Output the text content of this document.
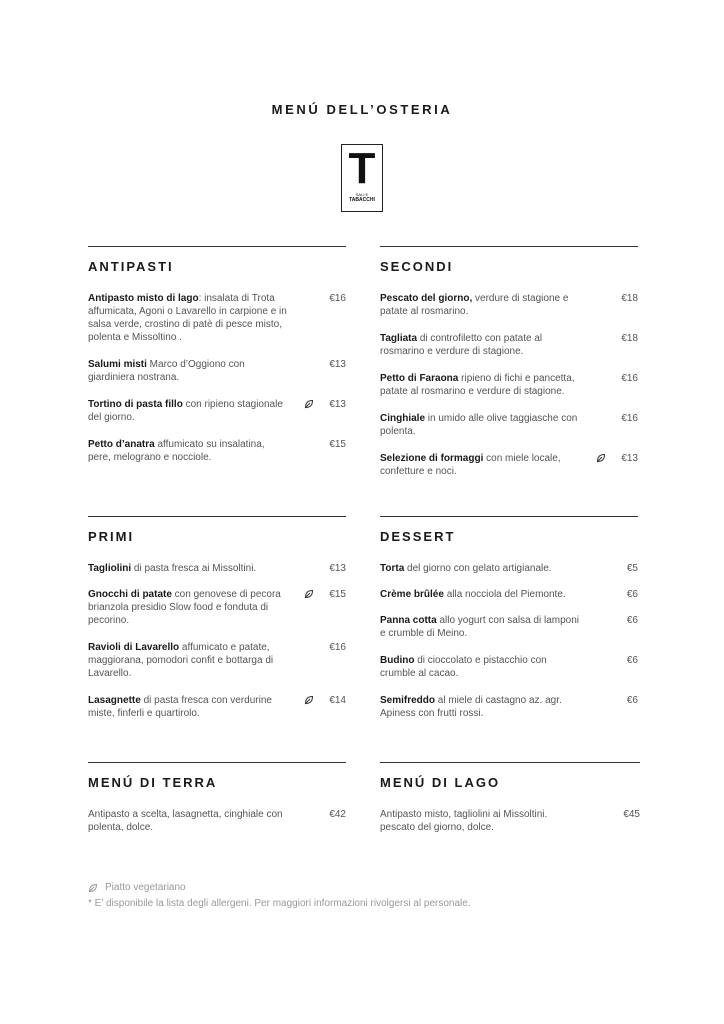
MENÚ DELL’OSTERIA
T
SALI E
TABACCHI
ANTIPASTI
Antipasto misto di lago: insalata di Trota affumicata, Agoni o Lavarello in carpione e in salsa verde, crostino di patè di pesce misto, polenta e Missoltino .
€16
Salumi misti Marco d’Oggiono con giardiniera nostrana.
€13
Tortino di pasta fillo con ripieno stagionale del giorno.
€13
Petto d’anatra affumicato su insalatina, pere, melograno e nocciole.
€15
SECONDI
Pescato del giorno, verdure di stagione e patate al rosmarino.
€18
Tagliata di controfiletto con patate al rosmarino e verdure di stagione.
€18
Petto di Faraona ripieno di fichi e pancetta, patate al rosmarino e verdure di stagione.
€16
Cinghiale in umido alle olive taggiasche con polenta.
€16
Selezione di formaggi con miele locale, confetture e noci.
€13
PRIMI
Tagliolini di pasta fresca ai Missoltini.	€13
Gnocchi di patate con genovese di pecora brianzola presidio Slow food e fonduta di pecorino.
€15
Ravioli di Lavarello affumicato e patate, maggiorana, pomodori confit e bottarga di Lavarello.
€16
Lasagnette di pasta fresca con verdurine miste, finferli e quartirolo.
€14
DESSERT
Torta del giorno con gelato artigianale.	€5
Crème brûlée alla nocciola del Piemonte.	€6
Panna cotta allo yogurt con salsa di lamponi e crumble di Meino.
€6
Budino di cioccolato e pistacchio con crumble al cacao.
€6
Semifreddo al miele di castagno az. agr. Apiness con frutti rossi.
€6
MENÚ DI TERRA
Antipasto a scelta, lasagnetta, cinghiale con polenta, dolce.
€42
MENÚ DI LAGO
Antipasto misto, tagliolini ai Missoltini. pescato del giorno, dolce.
€45
Piatto vegetariano
* E’ disponibile la lista degli allergeni. Per maggiori informazioni rivolgersi al personale.
